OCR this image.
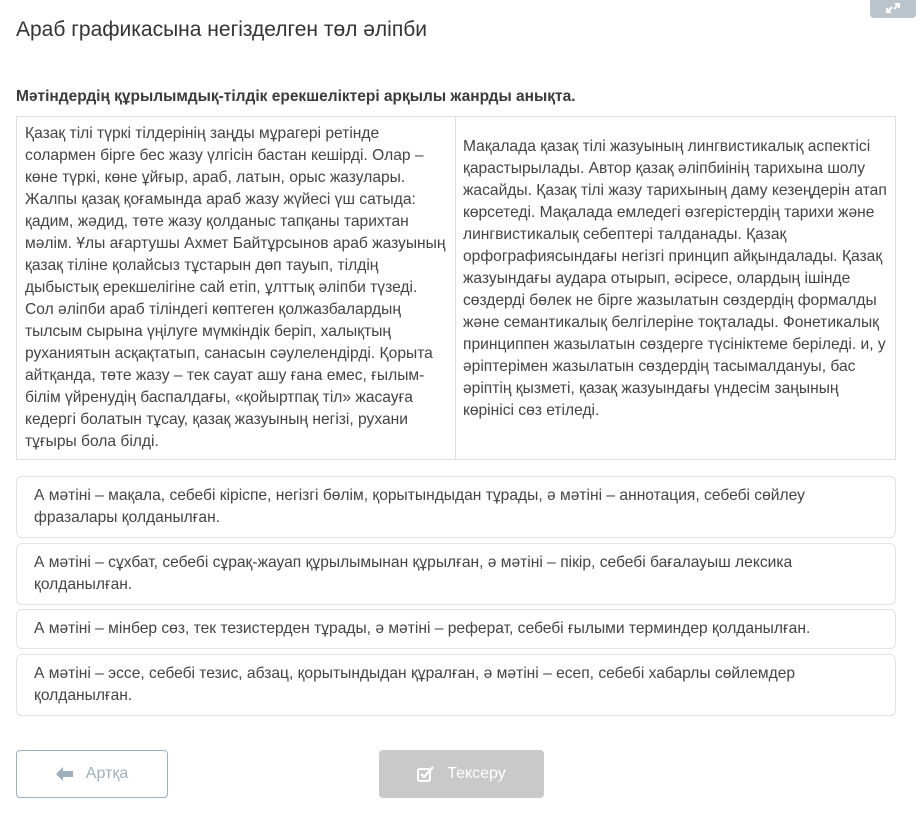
Араб графикасына негізделген төл әліпби
Мәтіндердің құрылымдық-тілдік ерекшеліктері арқылы жанрды анықта.
Қазақ тілі түркі тілдерінің заңды мұрагері ретінде солармен бірге бес жазу үлгісін бастан кешірді. Олар – көне түркі, көне ұйғыр, араб, латын, орыс жазулары. Жалпы қазақ қоғамында араб жазу жүйесі үш сатыда: қадим, жәдид, төте жазу қолданыс тапқаны тарихтан мәлім. Ұлы ағартушы Ахмет Байтұрсынов араб жазуының қазақ тіліне қолайсыз тұстарын дөп тауып, тілдің дыбыстық ерекшелігіне сай етіп, ұлттық әліпби түзеді. Сол әліпби араб тіліндегі көптеген қолжазбалардың тылсым сырына үңілуге мүмкіндік беріп, халықтың руханиятын асқақтатып, санасын сәулелендірді. Қорыта айтқанда, төте жазу – тек сауат ашу ғана емес, ғылым-білім үйренудің баспалдағы, «қойыртпақ тіл» жасауға кедергі болатын тұсау, қазақ жазуының негізі, рухани тұғыры бола білді.
Мақалада қазақ тілі жазуының лингвистикалық аспектісі қарастырылады. Автор қазақ әліпбиінің тарихына шолу жасайды. Қазақ тілі жазу тарихының даму кезеңдерін атап көрсетеді. Мақалада емледегі өзгерістердің тарихи және лингвистикалық себептері талданады. Қазақ орфографиясындағы негізгі принцип айқындалады. Қазақ жазуындағы аудара отырып, әсіресе, олардың ішінде сөздерді бөлек не бірге жазылатын сөздердің формалды және семантикалық белгілеріне тоқталады. Фонетикалық принциппен жазылатын сөздерге түсініктеме беріледі. и, у әріптерімен жазылатын сөздердің тасымалдануы, бас әріптің қызметі, қазақ жазуындағы үндесім заңының көрінісі сөз етіледі.
А мәтіні – мақала, себебі кіріспе, негізгі бөлім, қорытындыдан тұрады, ә мәтіні – аннотация, себебі сөйлеу фразалары қолданылған.
А мәтіні – сұхбат, себебі сұрақ-жауап құрылымынан құрылған, ә мәтіні – пікір, себебі бағалауыш лексика қолданылған.
А мәтіні – мінбер сөз, тек тезистерден тұрады, ә мәтіні – реферат, себебі ғылыми терминдер қолданылған.
А мәтіні – эссе, себебі тезис, абзац, қорытындыдан құралған, ә мәтіні – есеп, себебі хабарлы сөйлемдер қолданылған.
Артқа	Тексеру
